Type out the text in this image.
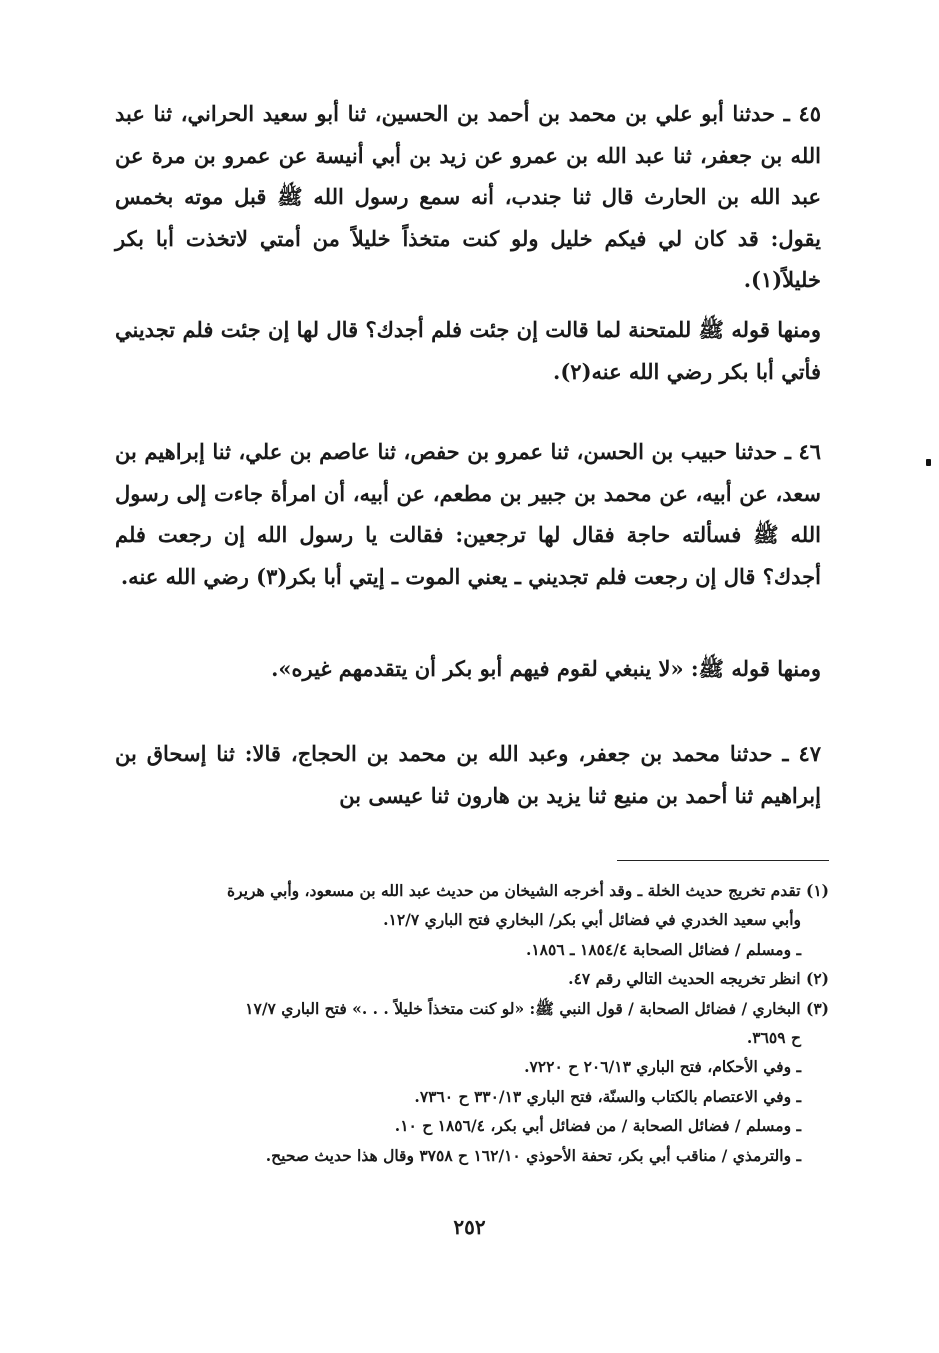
٤٥ ـ حدثنا أبو علي بن محمد بن أحمد بن الحسين، ثنا أبو سعيد الحراني، ثنا عبد الله بن جعفر، ثنا عبد الله بن عمرو عن زيد بن أبي أنيسة عن عمرو بن مرة عن عبد الله بن الحارث قال ثنا جندب، أنه سمع رسول الله ﷺ قبل موته بخمس يقول: قد كان لي فيكم خليل ولو كنت متخذاً خليلاً من أمتي لاتخذت أبا بكر خليلاً(١).
ومنها قوله ﷺ للمتحنة لما قالت إن جئت فلم أجدك؟ قال لها إن جئت فلم تجديني فأتي أبا بكر رضي الله عنه(٢).
٤٦ ـ حدثنا حبيب بن الحسن، ثنا عمرو بن حفص، ثنا عاصم بن علي، ثنا إبراهيم بن سعد، عن أبيه، عن محمد بن جبير بن مطعم، عن أبيه، أن امرأة جاءت إلى رسول الله ﷺ فسألته حاجة فقال لها ترجعين: فقالت يا رسول الله إن رجعت فلم أجدك؟ قال إن رجعت فلم تجديني ـ يعني الموت ـ إيتي أبا بكر(٣) رضي الله عنه.
ومنها قوله ﷺ: «لا ينبغي لقوم فيهم أبو بكر أن يتقدمهم غيره».
٤٧ ـ حدثنا محمد بن جعفر، وعبد الله بن محمد بن الحجاج، قالا: ثنا إسحاق بن إبراهيم ثنا أحمد بن منيع ثنا يزيد بن هارون ثنا عيسى بن
(١) تقدم تخريج حديث الخلة ـ وقد أخرجه الشيخان من حديث عبد الله بن مسعود، وأبي هريرة
وأبي سعيد الخدري في فضائل أبي بكر/ البخاري فتح الباري ١٢/٧.
ـ ومسلم / فضائل الصحابة ١٨٥٤/٤ ـ ١٨٥٦.
(٢) انظر تخريجه الحديث التالي رقم ٤٧.
(٣) البخاري / فضائل الصحابة / قول النبي ﷺ: «لو كنت متخذاً خليلاً . . .» فتح الباري ١٧/٧
ح ٣٦٥٩.
ـ وفي الأحكام، فتح الباري ٢٠٦/١٣ ح ٧٢٢٠.
ـ وفي الاعتصام بالكتاب والسنّة، فتح الباري ٣٣٠/١٣ ح ٧٣٦٠.
ـ ومسلم / فضائل الصحابة / من فضائل أبي بكر، ١٨٥٦/٤ ح ١٠.
ـ والترمذي / مناقب أبي بكر، تحفة الأحوذي ١٦٢/١٠ ح ٣٧٥٨ وقال هذا حديث صحيح.
٢٥٢
